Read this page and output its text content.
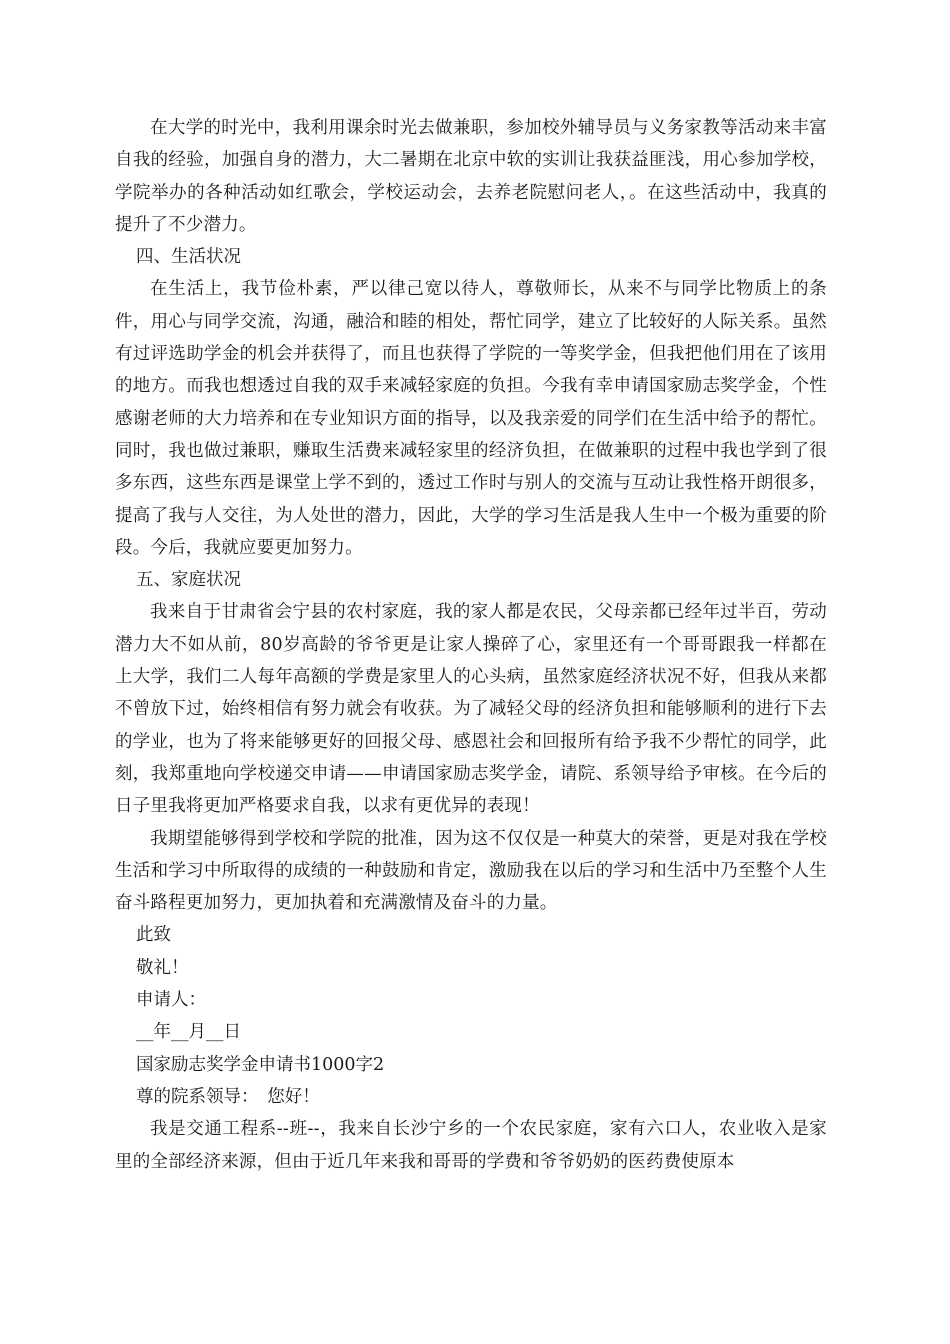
在大学的时光中，我利用课余时光去做兼职，参加校外辅导员与义务家教等活动来丰富自我的经验，加强自身的潜力，大二暑期在北京中软的实训让我获益匪浅，用心参加学校，学院举办的各种活动如红歌会，学校运动会，去养老院慰问老人，。在这些活动中，我真的提升了不少潜力。

四、生活状况

在生活上，我节俭朴素，严以律己宽以待人，尊敬师长，从来不与同学比物质上的条件，用心与同学交流，沟通，融洽和睦的相处，帮忙同学，建立了比较好的人际关系。虽然有过评选助学金的机会并获得了，而且也获得了学院的一等奖学金，但我把他们用在了该用的地方。而我也想透过自我的双手来减轻家庭的负担。今我有幸申请国家励志奖学金，个性感谢老师的大力培养和在专业知识方面的指导，以及我亲爱的同学们在生活中给予的帮忙。同时，我也做过兼职，赚取生活费来减轻家里的经济负担，在做兼职的过程中我也学到了很多东西，这些东西是课堂上学不到的，透过工作时与别人的交流与互动让我性格开朗很多，提高了我与人交往，为人处世的潜力，因此，大学的学习生活是我人生中一个极为重要的阶段。今后，我就应要更加努力。

五、家庭状况

我来自于甘肃省会宁县的农村家庭，我的家人都是农民，父母亲都已经年过半百，劳动潜力大不如从前，80岁高龄的爷爷更是让家人操碎了心，家里还有一个哥哥跟我一样都在上大学，我们二人每年高额的学费是家里人的心头病，虽然家庭经济状况不好，但我从来都不曾放下过，始终相信有努力就会有收获。为了减轻父母的经济负担和能够顺利的进行下去的学业，也为了将来能够更好的回报父母、感恩社会和回报所有给予我不少帮忙的同学，此刻，我郑重地向学校递交申请——申请国家励志奖学金，请院、系领导给予审核。在今后的日子里我将更加严格要求自我，以求有更优异的表现！

我期望能够得到学校和学院的批准，因为这不仅仅是一种莫大的荣誉，更是对我在学校生活和学习中所取得的成绩的一种鼓励和肯定，激励我在以后的学习和生活中乃至整个人生奋斗路程更加努力，更加执着和充满激情及奋斗的力量。

此致

敬礼！

申请人：

__年__月__日

国家励志奖学金申请书1000字2

尊的院系领导：　您好！

我是交通工程系--班--，我来自长沙宁乡的一个农民家庭，家有六口人，农业收入是家里的全部经济来源，但由于近几年来我和哥哥的学费和爷爷奶奶的医药费使原本
